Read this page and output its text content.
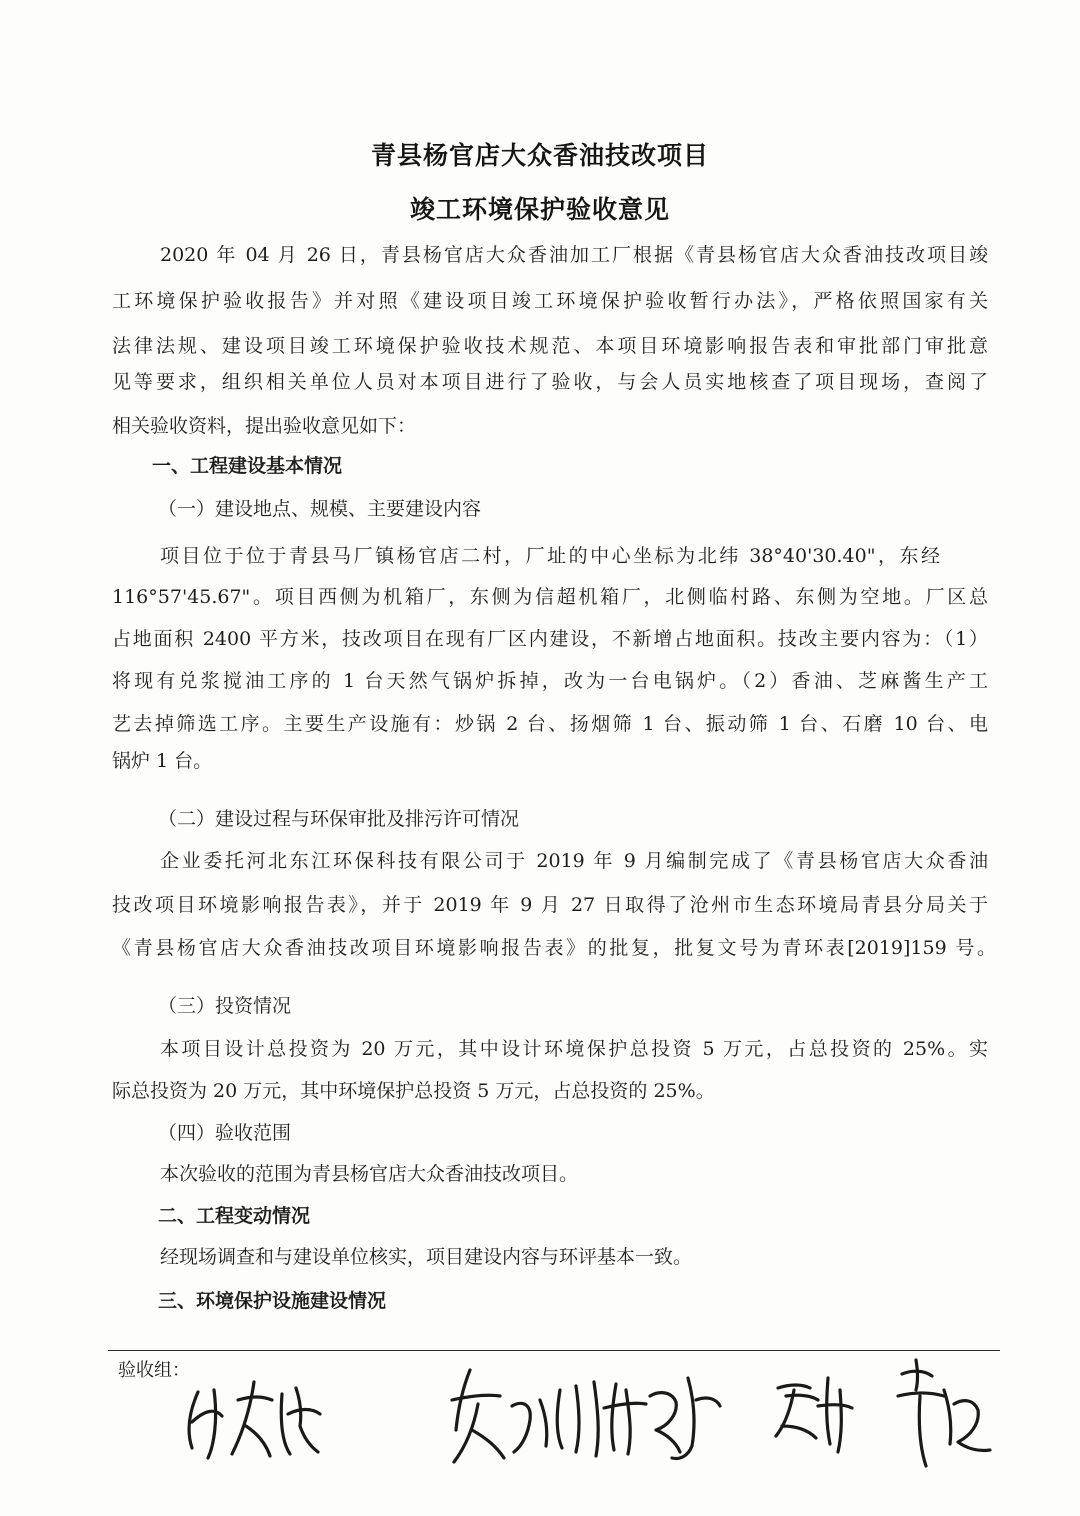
青县杨官店大众香油技改项目
竣工环境保护验收意见
2020 年 04 月 26 日，青县杨官店大众香油加工厂根据《青县杨官店大众香油技改项目竣
工环境保护验收报告》并对照《建设项目竣工环境保护验收暂行办法》，严格依照国家有关
法律法规、建设项目竣工环境保护验收技术规范、本项目环境影响报告表和审批部门审批意
见等要求，组织相关单位人员对本项目进行了验收，与会人员实地核查了项目现场，查阅了
相关验收资料，提出验收意见如下：
一、工程建设基本情况
（一）建设地点、规模、主要建设内容
项目位于位于青县马厂镇杨官店二村，厂址的中心坐标为北纬 38°40'30.40"，东经
116°57'45.67"。项目西侧为机箱厂，东侧为信超机箱厂，北侧临村路、东侧为空地。厂区总
占地面积 2400 平方米，技改项目在现有厂区内建设，不新增占地面积。技改主要内容为：（1）
将现有兑浆搅油工序的 1 台天然气锅炉拆掉，改为一台电锅炉。（2）香油、芝麻酱生产工
艺去掉筛选工序。主要生产设施有：炒锅 2 台、扬烟筛 1 台、振动筛 1 台、石磨 10 台、电
锅炉 1 台。
（二）建设过程与环保审批及排污许可情况
企业委托河北东江环保科技有限公司于 2019 年 9 月编制完成了《青县杨官店大众香油
技改项目环境影响报告表》，并于 2019 年 9 月 27 日取得了沧州市生态环境局青县分局关于
《青县杨官店大众香油技改项目环境影响报告表》的批复，批复文号为青环表[2019]159 号。
（三）投资情况
本项目设计总投资为 20 万元，其中设计环境保护总投资 5 万元，占总投资的 25%。实
际总投资为 20 万元，其中环境保护总投资 5 万元，占总投资的 25%。
（四）验收范围
本次验收的范围为青县杨官店大众香油技改项目。
二、工程变动情况
经现场调查和与建设单位核实，项目建设内容与环评基本一致。
三、环境保护设施建设情况
验收组：
